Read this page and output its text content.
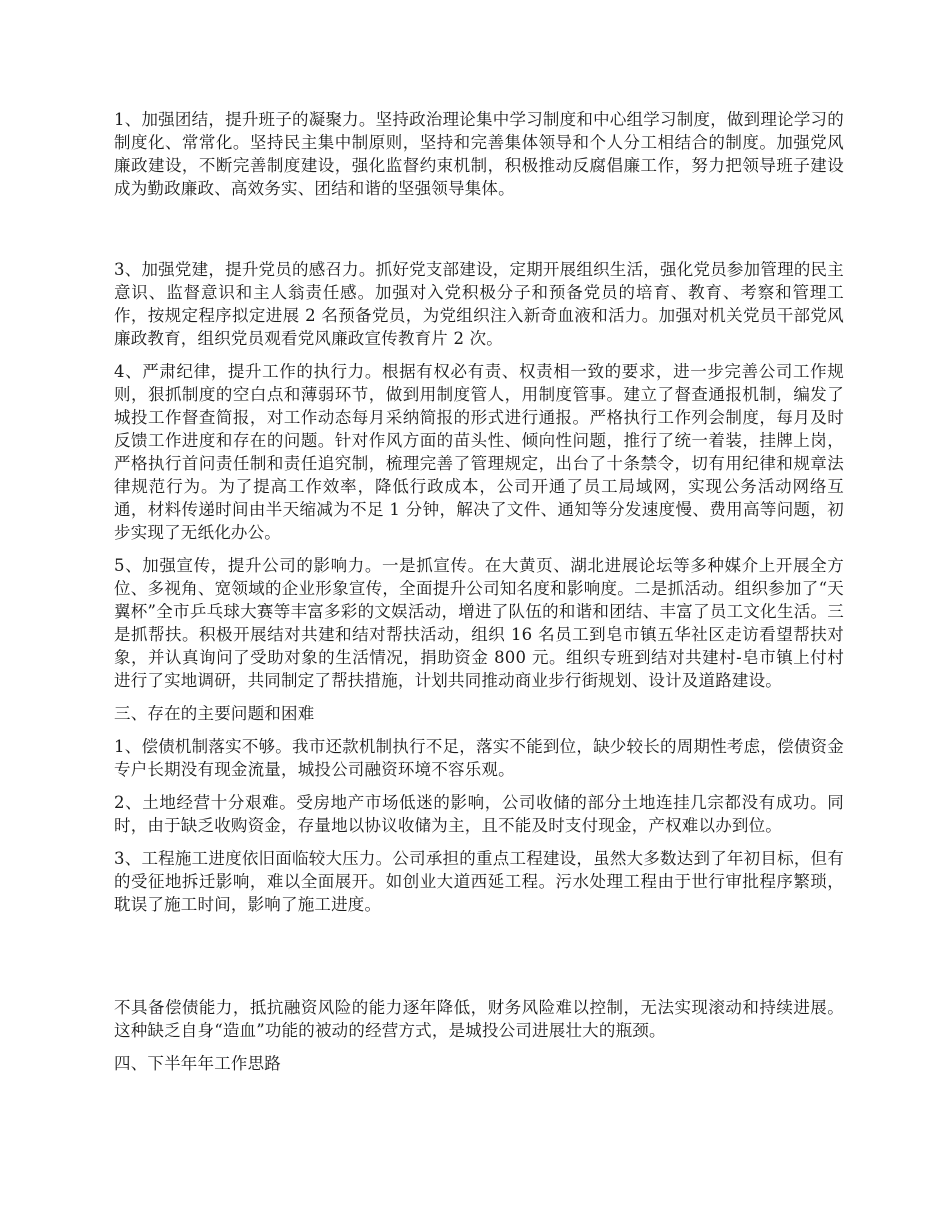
1、加强团结，提升班子的凝聚力。坚持政治理论集中学习制度和中心组学习制度，做到理论学习的制度化、常常化。坚持民主集中制原则，坚持和完善集体领导和个人分工相结合的制度。加强党风廉政建设，不断完善制度建设，强化监督约束机制，积极推动反腐倡廉工作，努力把领导班子建设成为勤政廉政、高效务实、团结和谐的坚强领导集体。

3、加强党建，提升党员的感召力。抓好党支部建设，定期开展组织生活，强化党员参加管理的民主意识、监督意识和主人翁责任感。加强对入党积极分子和预备党员的培育、教育、考察和管理工作，按规定程序拟定进展 2 名预备党员，为党组织注入新奇血液和活力。加强对机关党员干部党风廉政教育，组织党员观看党风廉政宣传教育片 2 次。

4、严肃纪律，提升工作的执行力。根据有权必有责、权责相一致的要求，进一步完善公司工作规则，狠抓制度的空白点和薄弱环节，做到用制度管人，用制度管事。建立了督查通报机制，编发了城投工作督查简报，对工作动态每月采纳简报的形式进行通报。严格执行工作列会制度，每月及时反馈工作进度和存在的问题。针对作风方面的苗头性、倾向性问题，推行了统一着装，挂牌上岗，严格执行首问责任制和责任追究制，梳理完善了管理规定，出台了十条禁令，切有用纪律和规章法律规范行为。为了提高工作效率，降低行政成本，公司开通了员工局域网，实现公务活动网络互通，材料传递时间由半天缩减为不足 1 分钟，解决了文件、通知等分发速度慢、费用高等问题，初步实现了无纸化办公。

5、加强宣传，提升公司的影响力。一是抓宣传。在大黄页、湖北进展论坛等多种媒介上开展全方位、多视角、宽领域的企业形象宣传，全面提升公司知名度和影响度。二是抓活动。组织参加了“天翼杯”全市乒乓球大赛等丰富多彩的文娱活动，增进了队伍的和谐和团结、丰富了员工文化生活。三是抓帮扶。积极开展结对共建和结对帮扶活动，组织 16 名员工到皂市镇五华社区走访看望帮扶对象，并认真询问了受助对象的生活情况，捐助资金 800 元。组织专班到结对共建村-皂市镇上付村进行了实地调研，共同制定了帮扶措施，计划共同推动商业步行街规划、设计及道路建设。

三、存在的主要问题和困难

1、偿债机制落实不够。我市还款机制执行不足，落实不能到位，缺少较长的周期性考虑，偿债资金专户长期没有现金流量，城投公司融资环境不容乐观。

2、土地经营十分艰难。受房地产市场低迷的影响，公司收储的部分土地连挂几宗都没有成功。同时，由于缺乏收购资金，存量地以协议收储为主，且不能及时支付现金，产权难以办到位。

3、工程施工进度依旧面临较大压力。公司承担的重点工程建设，虽然大多数达到了年初目标，但有的受征地拆迁影响，难以全面展开。如创业大道西延工程。污水处理工程由于世行审批程序繁琐，耽误了施工时间，影响了施工进度。

不具备偿债能力，抵抗融资风险的能力逐年降低，财务风险难以控制，无法实现滚动和持续进展。这种缺乏自身“造血”功能的被动的经营方式，是城投公司进展壮大的瓶颈。

四、下半年年工作思路
